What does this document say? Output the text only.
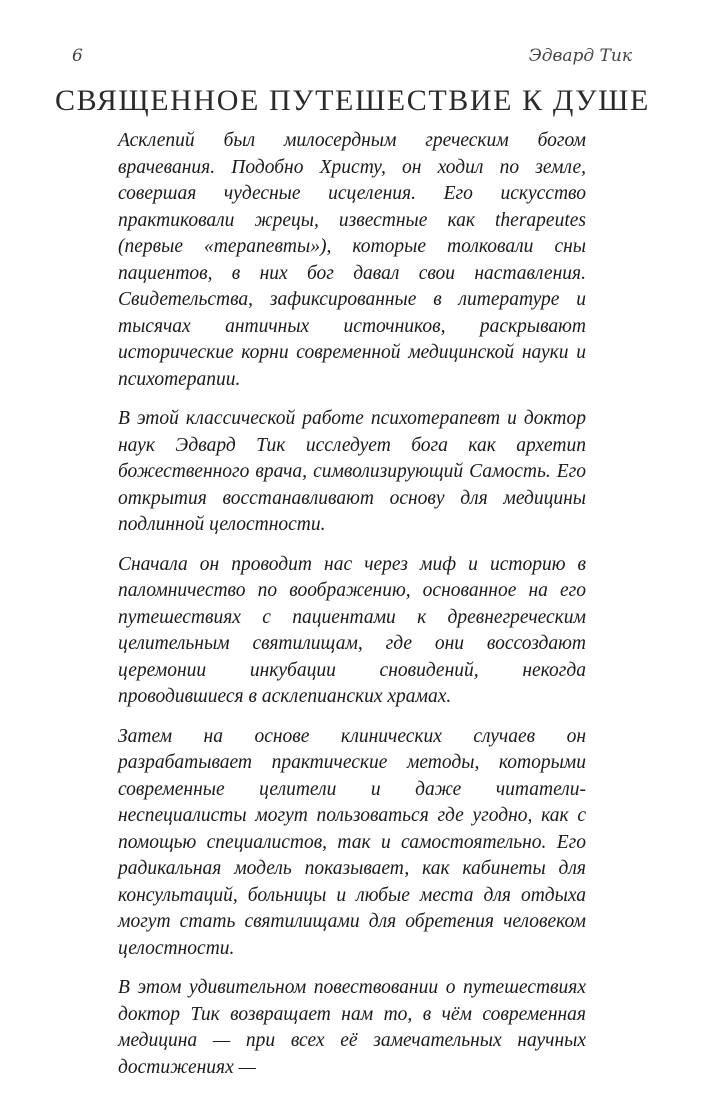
6	Эдвард Тик
СВЯЩЕННОЕ ПУТЕШЕСТВИЕ К ДУШЕ

Асклепий был милосердным греческим богом врачевания. Подобно Христу, он ходил по земле, совершая чудесные исцеления. Его искусство практиковали жрецы, известные как therapeutes (первые «терапевты»), которые толковали сны пациентов, в них бог давал свои наставления. Свидетельства, зафиксированные в литературе и тысячах античных источников, раскрывают исторические корни современной медицинской науки и психотерапии.

В этой классической работе психотерапевт и доктор наук Эдвард Тик исследует бога как архетип божественного врача, символизирующий Самость. Его открытия восстанавливают основу для медицины подлинной целостности.

Сначала он проводит нас через миф и историю в паломничество по воображению, основанное на его путешествиях с пациентами к древнегреческим целительным святилищам, где они воссоздают церемонии инкубации сновидений, некогда проводившиеся в асклепианских храмах.

Затем на основе клинических случаев он разрабатывает практические методы, которыми современные целители и даже читатели-неспециалисты могут пользоваться где угодно, как с помощью специалистов, так и самостоятельно. Его радикальная модель показывает, как кабинеты для консультаций, больницы и любые места для отдыха могут стать святилищами для обретения человеком целостности.

В этом удивительном повествовании о путешествиях доктор Тик возвращает нам то, в чём современная медицина — при всех её замечательных научных достижениях —
